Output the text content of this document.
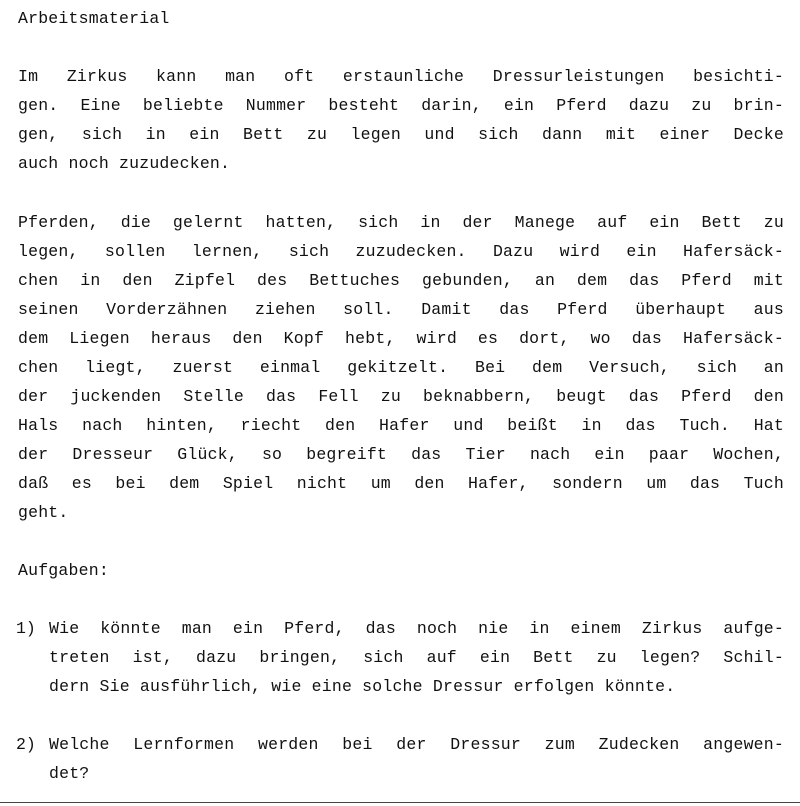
Arbeitsmaterial
Im Zirkus kann man oft erstaunliche Dressurleistungen besichti-
gen. Eine beliebte Nummer besteht darin, ein Pferd dazu zu brin-
gen, sich in ein Bett zu legen und sich dann mit einer Decke
auch noch zuzudecken.
Pferden, die gelernt hatten, sich in der Manege auf ein Bett zu
legen, sollen lernen, sich zuzudecken. Dazu wird ein Hafersäck-
chen in den Zipfel des Bettuches gebunden, an dem das Pferd mit
seinen Vorderzähnen ziehen soll. Damit das Pferd überhaupt aus
dem Liegen heraus den Kopf hebt, wird es dort, wo das Hafersäck-
chen liegt, zuerst einmal gekitzelt. Bei dem Versuch, sich an
der juckenden Stelle das Fell zu beknabbern, beugt das Pferd den
Hals nach hinten, riecht den Hafer und beißt in das Tuch. Hat
der Dresseur Glück, so begreift das Tier nach ein paar Wochen,
daß es bei dem Spiel nicht um den Hafer, sondern um das Tuch
geht.
Aufgaben:
1) Wie könnte man ein Pferd, das noch nie in einem Zirkus aufge-
treten ist, dazu bringen, sich auf ein Bett zu legen? Schil-
dern Sie ausführlich, wie eine solche Dressur erfolgen könnte.
2) Welche Lernformen werden bei der Dressur zum Zudecken angewen-
det?
